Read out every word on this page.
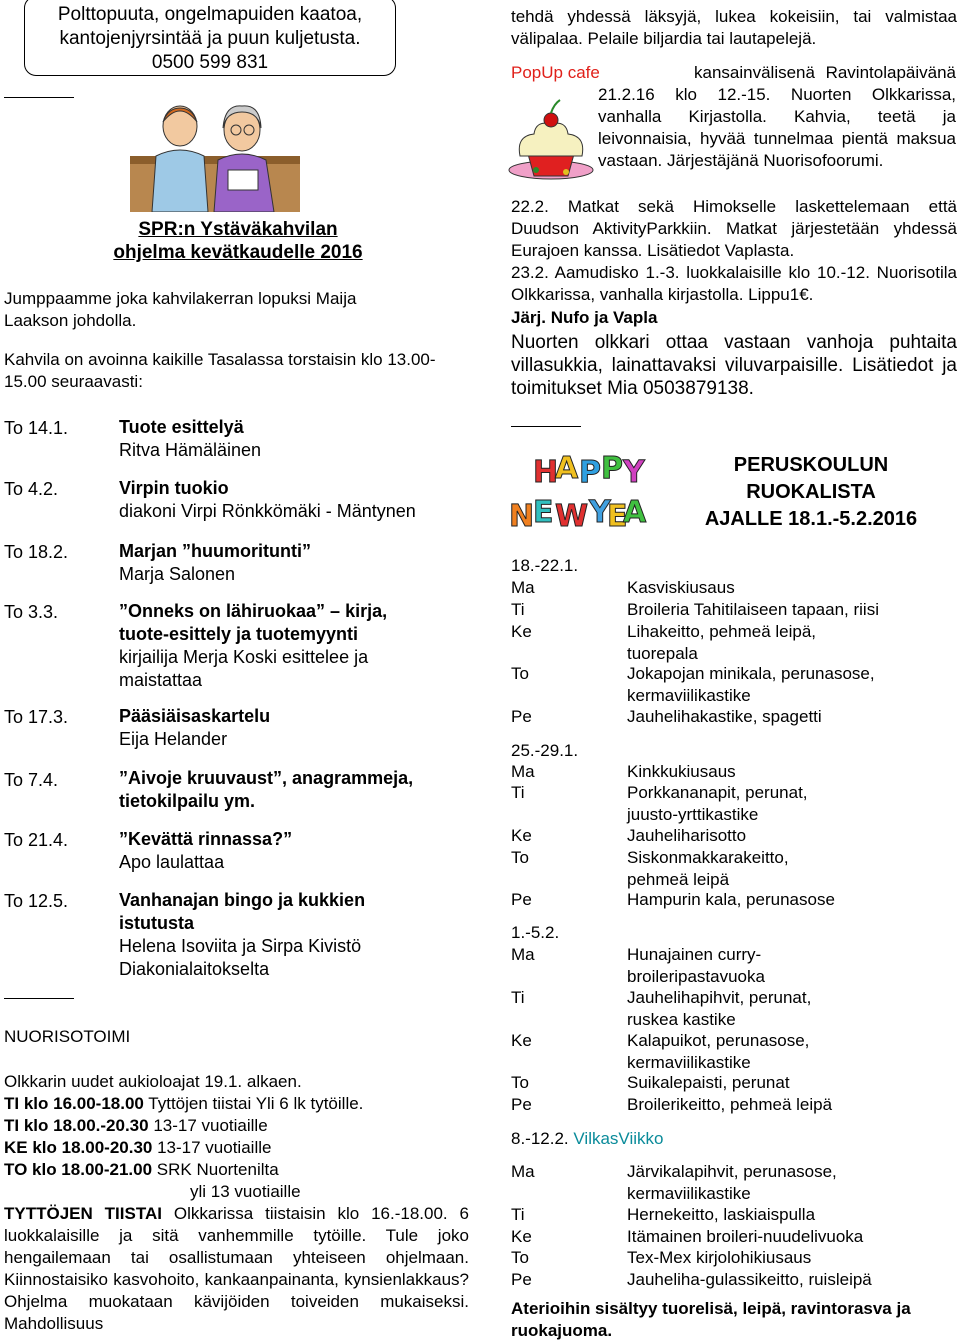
Polttopuuta, ongelmapuiden kaatoa,
kantojenjyrsintää ja puun kuljetusta.
0500 599 831
SPR:n Ystäväkahvilan
ohjelma kevätkaudelle 2016
Jumppaamme joka kahvilakerran lopuksi Maija Laakson johdolla.
Kahvila on avoinna kaikille Tasalassa torstaisin klo 13.00-15.00 seuraavasti:
To 14.1.	Tuote esittelyä
Ritva Hämäläinen
To 4.2.	Virpin tuokio
diakoni Virpi Rönkkömäki - Mäntynen
To 18.2.	Marjan ”huumoritunti”
Marja Salonen
To 3.3.	”Onneks on lähiruokaa” – kirja, tuote-esittely ja tuotemyynti
kirjailija Merja Koski esittelee ja maistattaa
To 17.3.	Pääsiäisaskartelu
Eija Helander
To 7.4.	”Aivoje kruuvaust”, anagrammeja, tietokilpailu ym.
To 21.4.	”Kevättä rinnassa?”
Apo laulattaa
To 12.5.	Vanhanajan bingo ja kukkien istutusta
Helena Isoviita ja Sirpa Kivistö Diakonialaitokselta
NUORISOTOIMI
Olkkarin uudet aukioloajat 19.1. alkaen.
TI klo 16.00-18.00 Tyttöjen tiistai Yli 6 lk tytöille.
TI klo 18.00.-20.30 13-17 vuotiaille
KE klo 18.00-20.30 13-17 vuotiaille
TO klo 18.00-21.00 SRK Nuortenilta
yli 13 vuotiaille
TYTTÖJEN TIISTAI Olkkarissa tiistaisin klo 16.-18.00. 6 luokkalaisille ja sitä vanhemmille tytöille. Tule joko hengailemaan tai osallistumaan yhteiseen ohjelmaan. Kiinnostaisiko kasvohoito, kankaanpainanta, kynsienlakkaus? Ohjelma muokataan kävijöiden toiveiden mukaiseksi. Mahdollisuus
tehdä yhdessä läksyjä, lukea kokeisiin, tai valmistaa välipalaa. Pelaile biljardia tai lautapelejä.
PopUp cafe	kansainvälisenä Ravintolapäivänä 21.2.16 klo 12.-15. Nuorten Olkkarissa, vanhalla Kirjastolla. Kahvia, teetä ja leivonnaisia, hyvää tunnelmaa pientä maksua vastaan. Järjestäjänä Nuorisofoorumi.
22.2. Matkat sekä Himokselle laskettelemaan että Duudson AktivityParkkiin. Matkat järjestetään yhdessä Eurajoen kanssa. Lisätiedot Vaplasta.
23.2. Aamudisko 1.-3. luokkalaisille klo 10.-12. Nuorisotila Olkkarissa, vanhalla kirjastolla. Lippu1€.
Järj. Nufo ja Vapla
Nuorten olkkari ottaa vastaan vanhoja puhtaita villasukkia, lainattavaksi viluvarpaisille. Lisätiedot ja toimitukset Mia 0503879138.
H
A P P Y
N
E W Y
E
A
PERUSKOULUN
RUOKALISTA
AJALLE 18.1.-5.2.2016
18.-22.1.
Ma	Kasviskiusaus
Ti	Broileria Tahitilaiseen tapaan, riisi
Ke	Lihakeitto, pehmeä leipä, tuorepala
To	Jokapojan minikala, perunasose, kermaviilikastike
Pe	Jauhelihakastike, spagetti
25.-29.1.
Ma	Kinkkukiusaus
Ti	Porkkananapit, perunat, juusto-yrttikastike
Ke	Jauheliharisotto
To	Siskonmakkarakeitto, pehmeä leipä
Pe	Hampurin kala, perunasose
1.-5.2.
Ma	Hunajainen curry-broileripastavuoka
Ti	Jauhelihapihvit, perunat, ruskea kastike
Ke	Kalapuikot, perunasose, kermaviilikastike
To	Suikalepaisti, perunat
Pe	Broilerikeitto, pehmeä leipä
8.-12.2. VilkasViikko
Ma	Järvikalapihvit, perunasose, kermaviilikastike
Ti	Hernekeitto, laskiaispulla
Ke	Itämainen broileri-nuudelivuoka
To	Tex-Mex kirjolohikiusaus
Pe	Jauheliha-gulassikeitto, ruisleipä
Aterioihin sisältyy tuorelisä, leipä, ravintorasva ja ruokajuoma.
